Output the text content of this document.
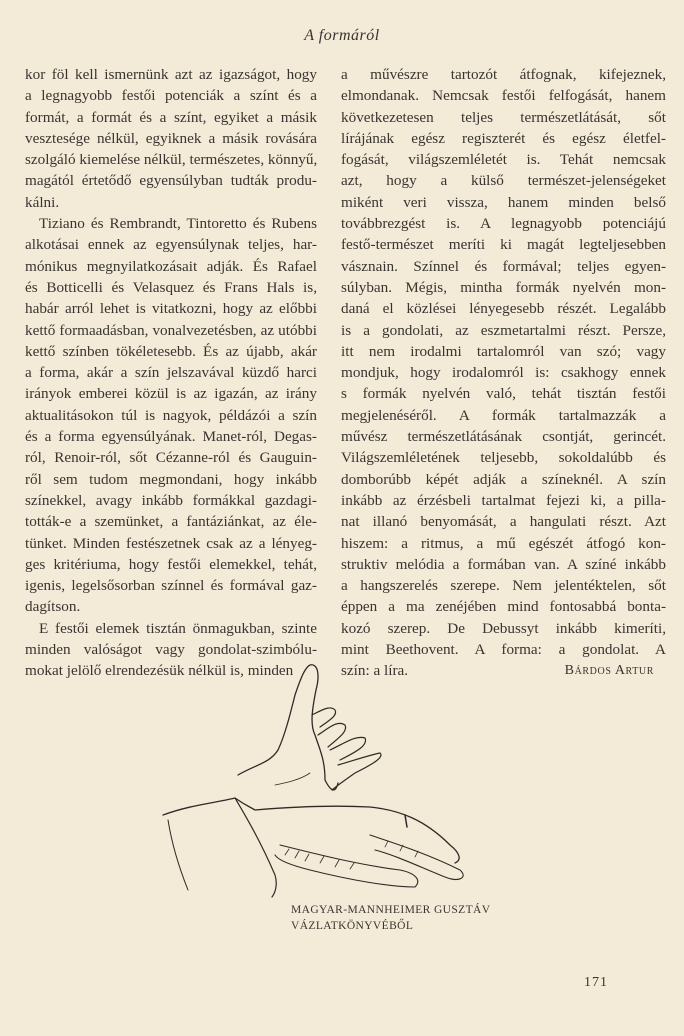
A formáról
kor föl kell ismernünk azt az igazságot, hogy
a legnagyobb festői potenciák a színt és a
formát, a formát és a színt, egyiket a másik
vesztesége nélkül, egyiknek a másik rovására
szolgáló kiemelése nélkül, természetes, könnyű,
magától értetődő egyensúlyban tudták produ-
kálni.
Tiziano és Rembrandt, Tintoretto és Rubens
alkotásai ennek az egyensúlynak teljes, har-
mónikus megnyilatkozásait adják. És Rafael
és Botticelli és Velasquez és Frans Hals is,
habár arról lehet is vitatkozni, hogy az előbbi
kettő formaadásban, vonalvezetésben, az utóbbi
kettő színben tökéletesebb. És az újabb, akár
a forma, akár a szín jelszavával küzdő harci
irányok emberei közül is az igazán, az irány
aktualitásokon túl is nagyok, példázói a szín
és a forma egyensúlyának. Manet-ról, Degas-
ról, Renoir-ról, sőt Cézanne-ról és Gauguin-
ről sem tudom megmondani, hogy inkább
színekkel, avagy inkább formákkal gazdagi-
tották-e a szemünket, a fantáziánkat, az éle-
tünket. Minden festészetnek csak az a lényeg-
ges kritériuma, hogy festői elemekkel, tehát,
igenis, legelsősorban színnel és formával gaz-
dagítson.
E festői elemek tisztán önmagukban, szinte
minden valóságot vagy gondolat-szimbólu-
mokat jelölő elrendezésük nélkül is, minden
a művészre tartozót átfognak, kifejeznek,
elmondanak. Nemcsak festői felfogását, hanem
következetesen teljes természetlátását, sőt
lírájának egész regiszterét és egész életfel-
fogását, világszemléletét is. Tehát nemcsak
azt, hogy a külső természet-jelenségeket
miként veri vissza, hanem minden belső
továbbrezgést is. A legnagyobb potenciájú
festő-természet meríti ki magát legteljesebben
vásznain. Színnel és formával; teljes egyen-
súlyban. Mégis, mintha formák nyelvén mon-
daná el közlései lényegesebb részét. Legalább
is a gondolati, az eszmetartalmi részt. Persze,
itt nem irodalmi tartalomról van szó; vagy
mondjuk, hogy irodalomról is: csakhogy ennek
s formák nyelvén való, tehát tisztán festői
megjelenéséről. A formák tartalmazzák a
művész természetlátásának csontját, gerincét.
Világszemléletének teljesebb, sokoldalúbb és
domborúbb képét adják a színeknél. A szín
inkább az érzésbeli tartalmat fejezi ki, a pilla-
nat illanó benyomását, a hangulati részt. Azt
hiszem: a ritmus, a mű egészét átfogó kon-
struktiv melódia a formában van. A színé inkább
a hangszerelés szerepe. Nem jelentéktelen, sőt
éppen a ma zenéjében mind fontosabbá bonta-
kozó szerep. De Debussyt inkább kimeríti,
mint Beethovent. A forma: a gondolat. A
szín: a líra.	Bárdos Artur
MAGYAR-MANNHEIMER GUSZTÁV
VÁZLATKÖNYVÉBŐL
171
